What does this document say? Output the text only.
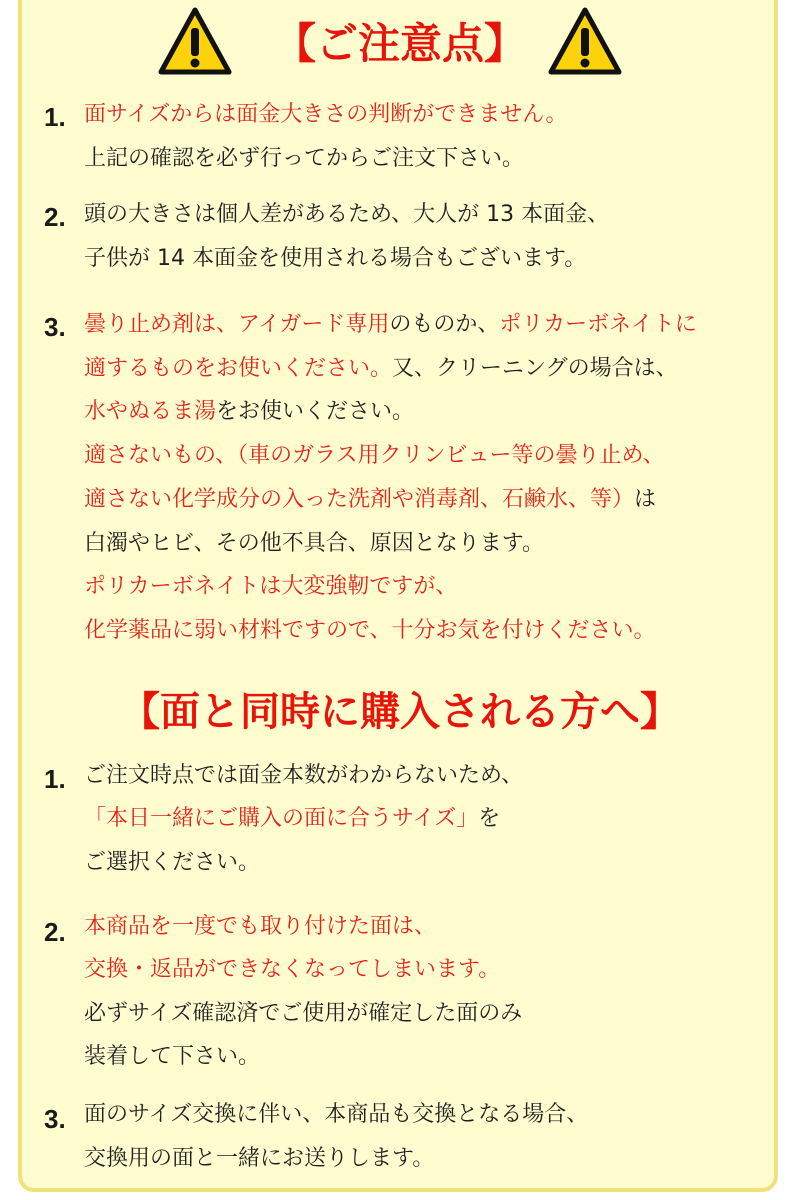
【ご注意点】
【面と同時に購入される方へ】
1. 面サイズからは面金大きさの判断ができません。
上記の確認を必ず行ってからご注文下さい。
2. 頭の大きさは個人差があるため、大人が 13 本面金、
子供が 14 本面金を使用される場合もございます。
3. 曇り止め剤は、アイガード専用のものか、ポリカーボネイトに
適するものをお使いください。又、クリーニングの場合は、
水やぬるま湯をお使いください。
適さないもの、（車のガラス用クリンビュー等の曇り止め、
適さない化学成分の入った洗剤や消毒剤、石鹸水、等）は
白濁やヒビ、その他不具合、原因となります。
ポリカーボネイトは大変強靭ですが、
化学薬品に弱い材料ですので、十分お気を付けください。
1. ご注文時点では面金本数がわからないため、
「本日一緒にご購入の面に合うサイズ」を
ご選択ください。
2. 本商品を一度でも取り付けた面は、
交換・返品ができなくなってしまいます。
必ずサイズ確認済でご使用が確定した面のみ
装着して下さい。
3. 面のサイズ交換に伴い、本商品も交換となる場合、
交換用の面と一緒にお送りします。
